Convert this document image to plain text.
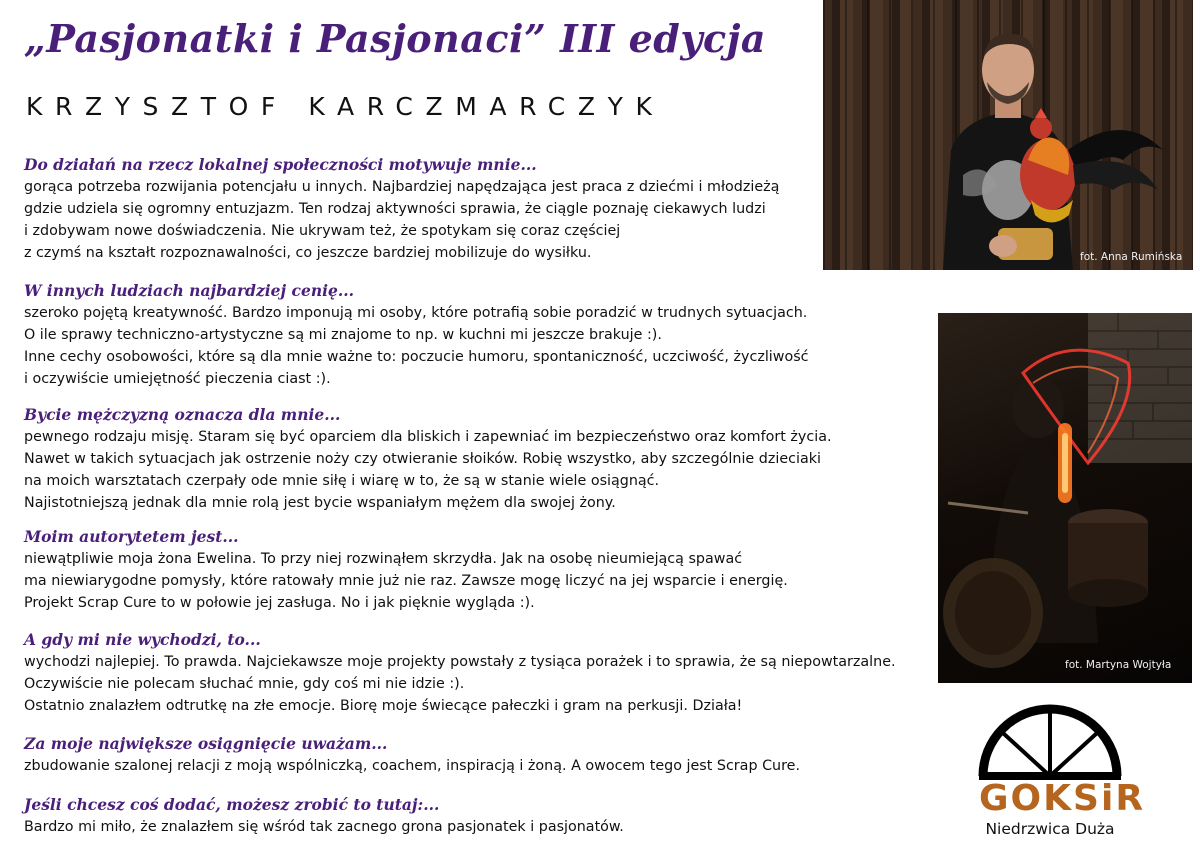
„Pasjonatki i Pasjonaci” III edycja
KRZYSZTOF KARCZMARCZYK
Do działań na rzecz lokalnej społeczności motywuje mnie...
gorąca potrzeba rozwijania potencjału u innych. Najbardziej napędzająca jest praca z dziećmi i młodzieżą
gdzie udziela się ogromny entuzjazm. Ten rodzaj aktywności sprawia, że ciągle poznaję ciekawych ludzi
i zdobywam nowe doświadczenia. Nie ukrywam też, że spotykam się coraz częściej
z czymś na kształt rozpoznawalności, co jeszcze bardziej mobilizuje do wysiłku.
W innych ludziach najbardziej cenię...
szeroko pojętą kreatywność. Bardzo imponują mi osoby, które potrafią sobie poradzić w trudnych sytuacjach.
O ile sprawy techniczno-artystyczne są mi znajome to np. w kuchni mi jeszcze brakuje :).
Inne cechy osobowości, które są dla mnie ważne to: poczucie humoru, spontaniczność, uczciwość, życzliwość
i oczywiście umiejętność pieczenia ciast :).
Bycie mężczyzną oznacza dla mnie...
pewnego rodzaju misję. Staram się być oparciem dla bliskich i zapewniać im bezpieczeństwo oraz komfort życia.
Nawet w takich sytuacjach jak ostrzenie noży czy otwieranie słoików. Robię wszystko, aby szczególnie dzieciaki
na moich warsztatach czerpały ode mnie siłę i wiarę w to, że są w stanie wiele osiągnąć.
Najistotniejszą jednak dla mnie rolą jest bycie wspaniałym mężem dla swojej żony.
Moim autorytetem jest...
niewątpliwie moja żona Ewelina. To przy niej rozwinąłem skrzydła. Jak na osobę nieumiejącą spawać
ma niewiarygodne pomysły, które ratowały mnie już nie raz. Zawsze mogę liczyć na jej wsparcie i energię.
Projekt Scrap Cure to w połowie jej zasługa. No i jak pięknie wygląda :).
A gdy mi nie wychodzi, to...
wychodzi najlepiej. To prawda. Najciekawsze moje projekty powstały z tysiąca porażek i to sprawia, że są niepowtarzalne.
Oczywiście nie polecam słuchać mnie, gdy coś mi nie idzie :).
Ostatnio znalazłem odtrutkę na złe emocje. Biorę moje świecące pałeczki i gram na perkusji. Działa!
Za moje największe osiągnięcie uważam...
zbudowanie szalonej relacji z moją wspólniczką, coachem, inspiracją i żoną. A owocem tego jest Scrap Cure.
Jeśli chcesz coś dodać, możesz zrobić to tutaj:...
Bardzo mi miło, że znalazłem się wśród tak zacnego grona pasjonatek i pasjonatów.
fot. Anna Rumińska
fot. Martyna Wojtyła
GOKSiR
Niedrzwica Duża
